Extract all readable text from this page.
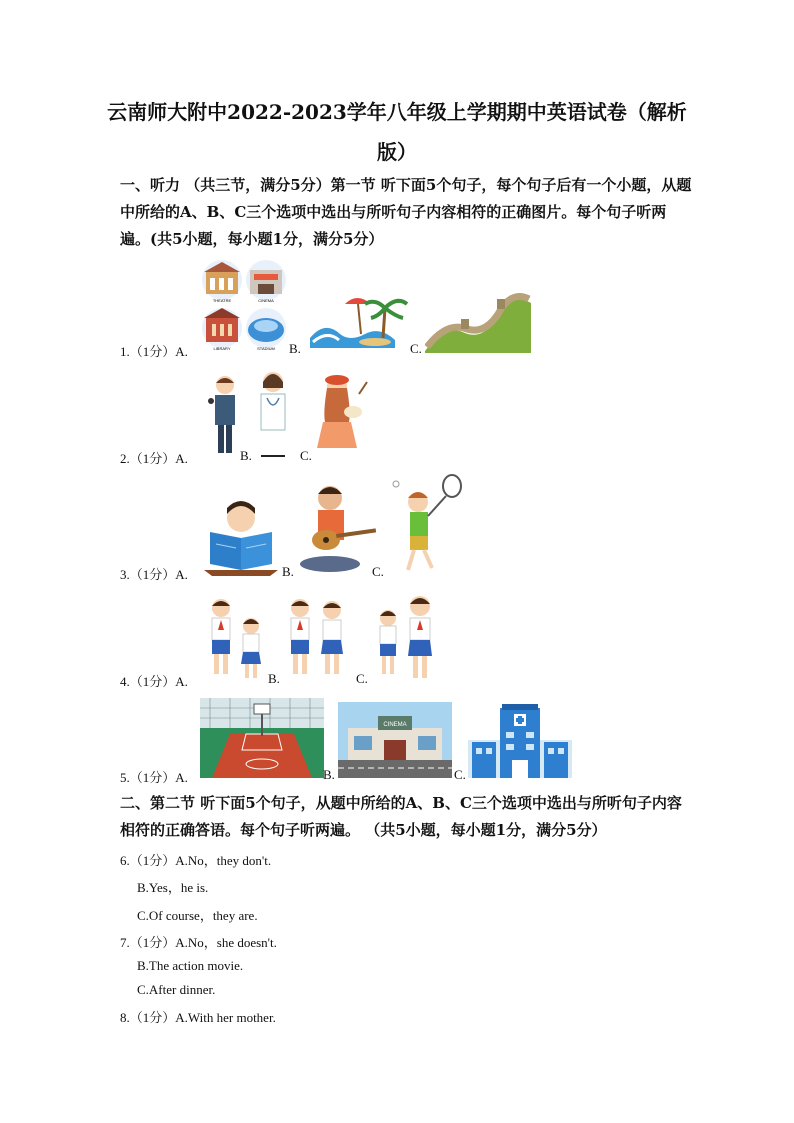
云南师大附中2022-2023学年八年级上学期期中英语试卷（解析
版）
一、听力 （共三节，满分5分）第一节 听下面5个句子，每个句子后有一个小题，从题中所给的A、B、C三个选项中选出与所听句子内容相符的正确图片。每个句子听两遍。(共5小题，每小题1分，满分5分）
1.（1分）A.
THEATRE	CINEMA
LIBRARY	STADIUM B.	C.
2.（1分）A.	B.	C.
3.（1分）A.	B.	C.
4.（1分）A.	B.	C.
5.（1分）A.	B.
CINEMA
C.
二、第二节 听下面5个句子，从题中所给的A、B、C三个选项中选出与所听句子内容相符的正确答语。每个句子听两遍。 （共5小题，每小题1分，满分5分）
6.（1分）A.No，they don't.
B.Yes，he is.
C.Of course，they are.
7.（1分）A.No，she doesn't.
B.The action movie.
C.After dinner.
8.（1分）A.With her mother.
